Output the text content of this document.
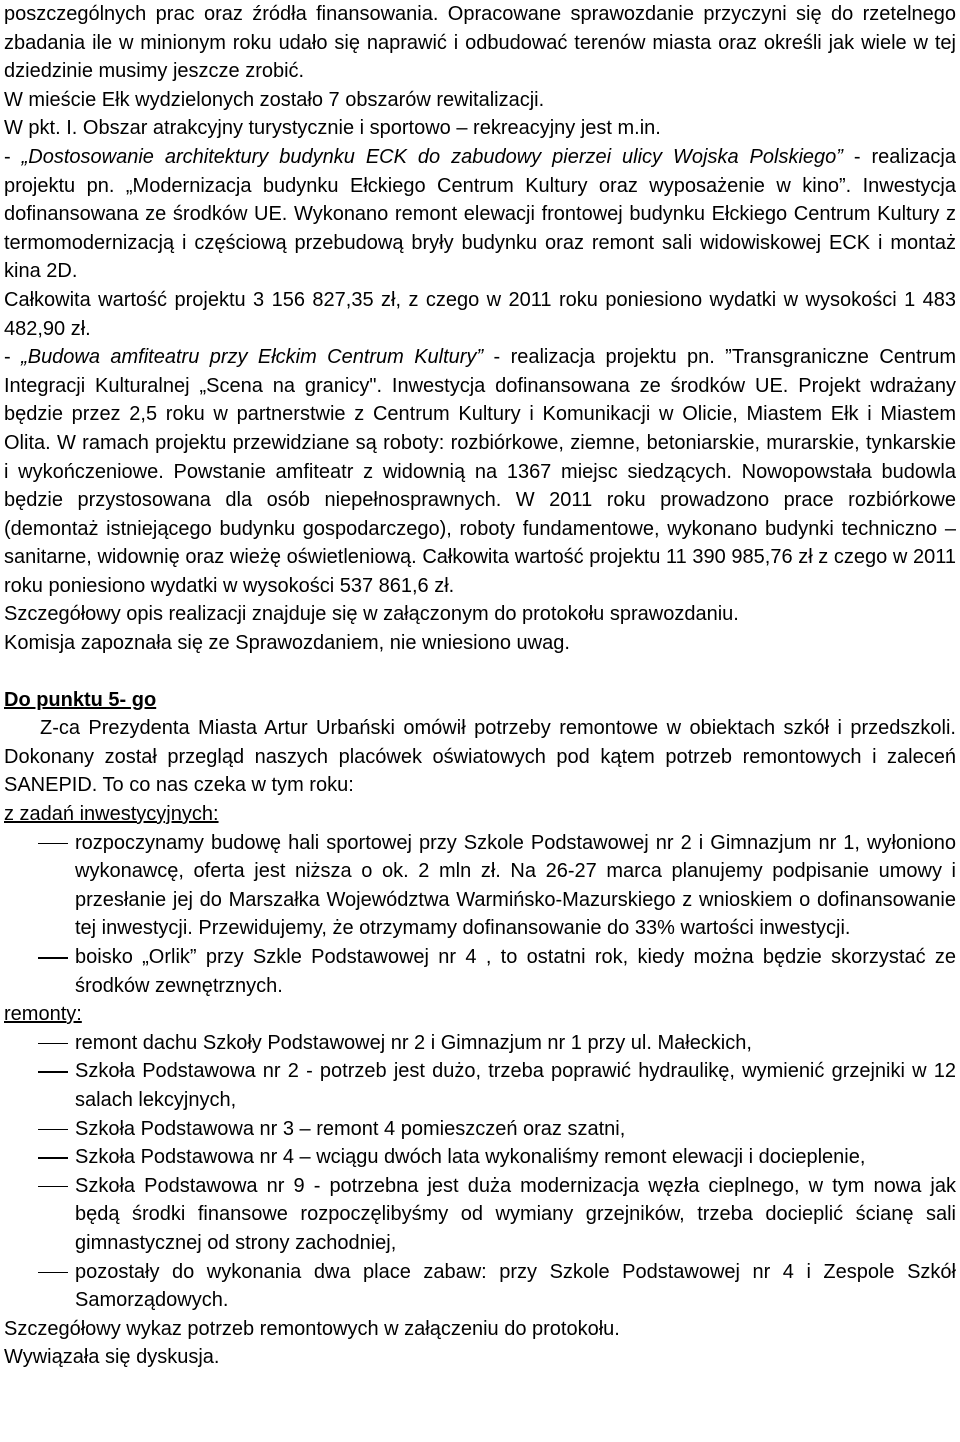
poszczególnych prac oraz źródła finansowania. Opracowane sprawozdanie przyczyni się do rzetelnego zbadania ile w minionym roku udało się naprawić i odbudować terenów miasta oraz określi jak wiele w tej dziedzinie musimy jeszcze zrobić.

W mieście Ełk wydzielonych zostało 7 obszarów rewitalizacji.

W pkt. I. Obszar atrakcyjny turystycznie i sportowo – rekreacyjny jest m.in.

- „Dostosowanie architektury budynku ECK do zabudowy pierzei ulicy Wojska Polskiego” - realizacja projektu pn. „Modernizacja budynku Ełckiego Centrum Kultury oraz wyposażenie w kino”. Inwestycja dofinansowana ze środków UE. Wykonano remont elewacji frontowej budynku Ełckiego Centrum Kultury z termomodernizacją i częściową przebudową bryły budynku oraz remont sali widowiskowej ECK i montaż kina 2D.

Całkowita wartość projektu 3 156 827,35 zł, z czego w 2011 roku poniesiono wydatki w wysokości 1 483 482,90 zł.

- „Budowa amfiteatru przy Ełckim Centrum Kultury” - realizacja projektu pn. ”Transgraniczne Centrum Integracji Kulturalnej „Scena na granicy". Inwestycja dofinansowana ze środków UE. Projekt wdrażany będzie przez 2,5 roku w partnerstwie z Centrum Kultury i Komunikacji w Olicie, Miastem Ełk i Miastem Olita. W ramach projektu przewidziane są roboty: rozbiórkowe, ziemne, betoniarskie, murarskie, tynkarskie i wykończeniowe. Powstanie amfiteatr z widownią na 1367 miejsc siedzących. Nowopowstała budowla będzie przystosowana dla osób niepełnosprawnych. W 2011 roku prowadzono prace rozbiórkowe (demontaż istniejącego budynku gospodarczego), roboty fundamentowe, wykonano budynki techniczno – sanitarne, widownię oraz wieżę oświetleniową. Całkowita wartość projektu 11 390 985,76 zł z czego w 2011 roku poniesiono wydatki w wysokości 537 861,6 zł.

Szczegółowy opis realizacji znajduje się w załączonym do protokołu sprawozdaniu.

Komisja zapoznała się ze Sprawozdaniem, nie wniesiono uwag.

Do punktu 5- go

Z-ca Prezydenta Miasta Artur Urbański omówił potrzeby remontowe w obiektach szkół i przedszkoli. Dokonany został przegląd naszych placówek oświatowych pod kątem potrzeb remontowych i zaleceń SANEPID. To co nas czeka w tym roku:

z zadań inwestycyjnych:

rozpoczynamy budowę hali sportowej przy Szkole Podstawowej nr 2 i Gimnazjum nr 1, wyłoniono wykonawcę, oferta jest niższa o ok. 2 mln zł. Na 26-27 marca planujemy podpisanie umowy i przesłanie jej do Marszałka Województwa Warmińsko-Mazurskiego z wnioskiem o dofinansowanie tej inwestycji. Przewidujemy, że otrzymamy dofinansowanie do 33% wartości inwestycji.
boisko „Orlik” przy Szkle Podstawowej nr 4 , to ostatni rok, kiedy można będzie skorzystać ze środków zewnętrznych.

remonty:

remont dachu Szkoły Podstawowej nr 2 i Gimnazjum nr 1 przy ul. Małeckich,
Szkoła Podstawowa nr 2 - potrzeb jest dużo, trzeba poprawić hydraulikę, wymienić grzejniki w 12 salach lekcyjnych,
Szkoła Podstawowa nr 3 – remont 4 pomieszczeń oraz szatni,
Szkoła Podstawowa nr 4 – wciągu dwóch lata wykonaliśmy remont elewacji i docieplenie,
Szkoła Podstawowa nr 9 - potrzebna jest duża modernizacja węzła cieplnego, w tym nowa jak będą środki finansowe rozpoczęlibyśmy od wymiany grzejników, trzeba docieplić ścianę sali gimnastycznej od strony zachodniej,
pozostały do wykonania dwa place zabaw: przy Szkole Podstawowej nr 4 i Zespole Szkół Samorządowych.

Szczegółowy wykaz potrzeb remontowych w załączeniu do protokołu.

Wywiązała się dyskusja.
